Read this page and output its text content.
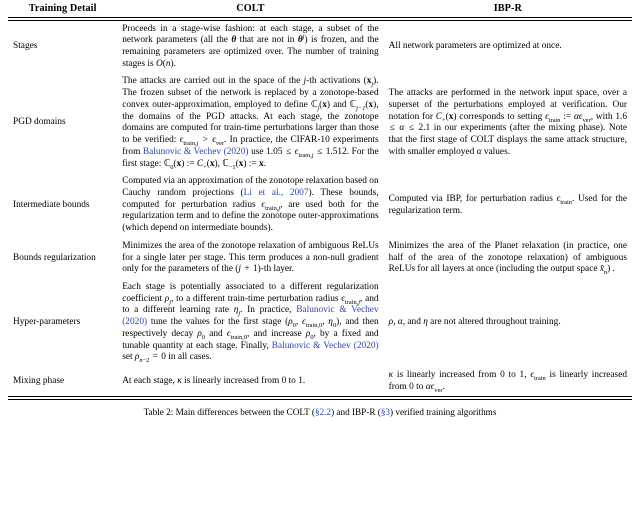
Training Detail	COLT	IBP-R
Stages	Proceeds in a stage-wise fashion: at each stage, a subset of the network parameters (all the θ that are not in $\theta^j$) is frozen, and the remaining parameters are optimized over. The number of training stages is O(n).	All network parameters are optimized at once.
PGD domains	The attacks are carried out in the space of the j-th activations $(x_j)$. The frozen subset of the network is replaced by a zonotope-based convex outer-approximation, employed to define ℂ$_j$(x) and ℂ$_{j-1}$(x), the domains of the PGD attacks. At each stage, the zonotope domains are computed for train-time perturbations larger than those to be verified: $\epsilon_{train,j} > \epsilon_{ver}$. In practice, the CIFAR-10 experiments from Balunovic & Vechev (2020) use $1.05 \le \epsilon_{train,j} \le 1.512$. For the first stage: ℂ$_0$(x) := $C_+(x)$, ℂ$_{-1}$(x) := x.	The attacks are performed in the network input space, over a superset of the perturbations employed at verification. Our notation for $C_+(x)$ corresponds to setting $\epsilon_{train}$ := $\alpha\epsilon_{ver}$, with 1.6 ≤ α ≤ 2.1 in our experiments (after the mixing phase). Note that the first stage of COLT displays the same attack structure, with smaller employed α values.
Intermediate bounds	Computed via an approximation of the zonotope relaxation based on Cauchy random projections (Li et al., 2007). These bounds, computed for perturbation radius $\epsilon_{train,j}$, are used both for the regularization term and to define the zonotope outer-approximations (which depend on intermediate bounds).	Computed via IBP, for perturbation radius $\epsilon_{train}$. Used for the regularization term.
Bounds regularization	Minimizes the area of the zonotope relaxation of ambiguous ReLUs for a single later per stage. This term produces a non-null gradient only for the parameters of the (j + 1)-th layer.	Minimizes the area of the Planet relaxation (in practice, one half of the area of the zonotope relaxation) of ambiguous ReLUs for all layers at once (including the output space $x̂_n$) .
Hyper-parameters	Each stage is potentially associated to a different regularization coefficient $\rho_j$, to a different train-time perturbation radius $\epsilon_{train,j}$, and to a different learning rate $\eta_j$. In practice, Balunovic & Vechev (2020) tune the values for the first stage ($\rho_0$, $\epsilon_{train,0}$, $\eta_0$), and then respectively decay $\rho_0$ and $\epsilon_{train,0}$, and increase $\rho_0$, by a fixed and tunable quantity at each stage. Finally, Balunovic & Vechev (2020) set $\rho_{n-2} = 0$ in all cases.	ρ, α, and η are not altered throughout training.
Mixing phase	At each stage, κ is linearly increased from 0 to 1.	κ is linearly increased from 0 to 1, $\epsilon_{train}$ is linearly increased from 0 to $\alpha\epsilon_{ver}$.
Table 2: Main differences between the COLT (§2.2) and IBP-R (§3) verified training algorithms
